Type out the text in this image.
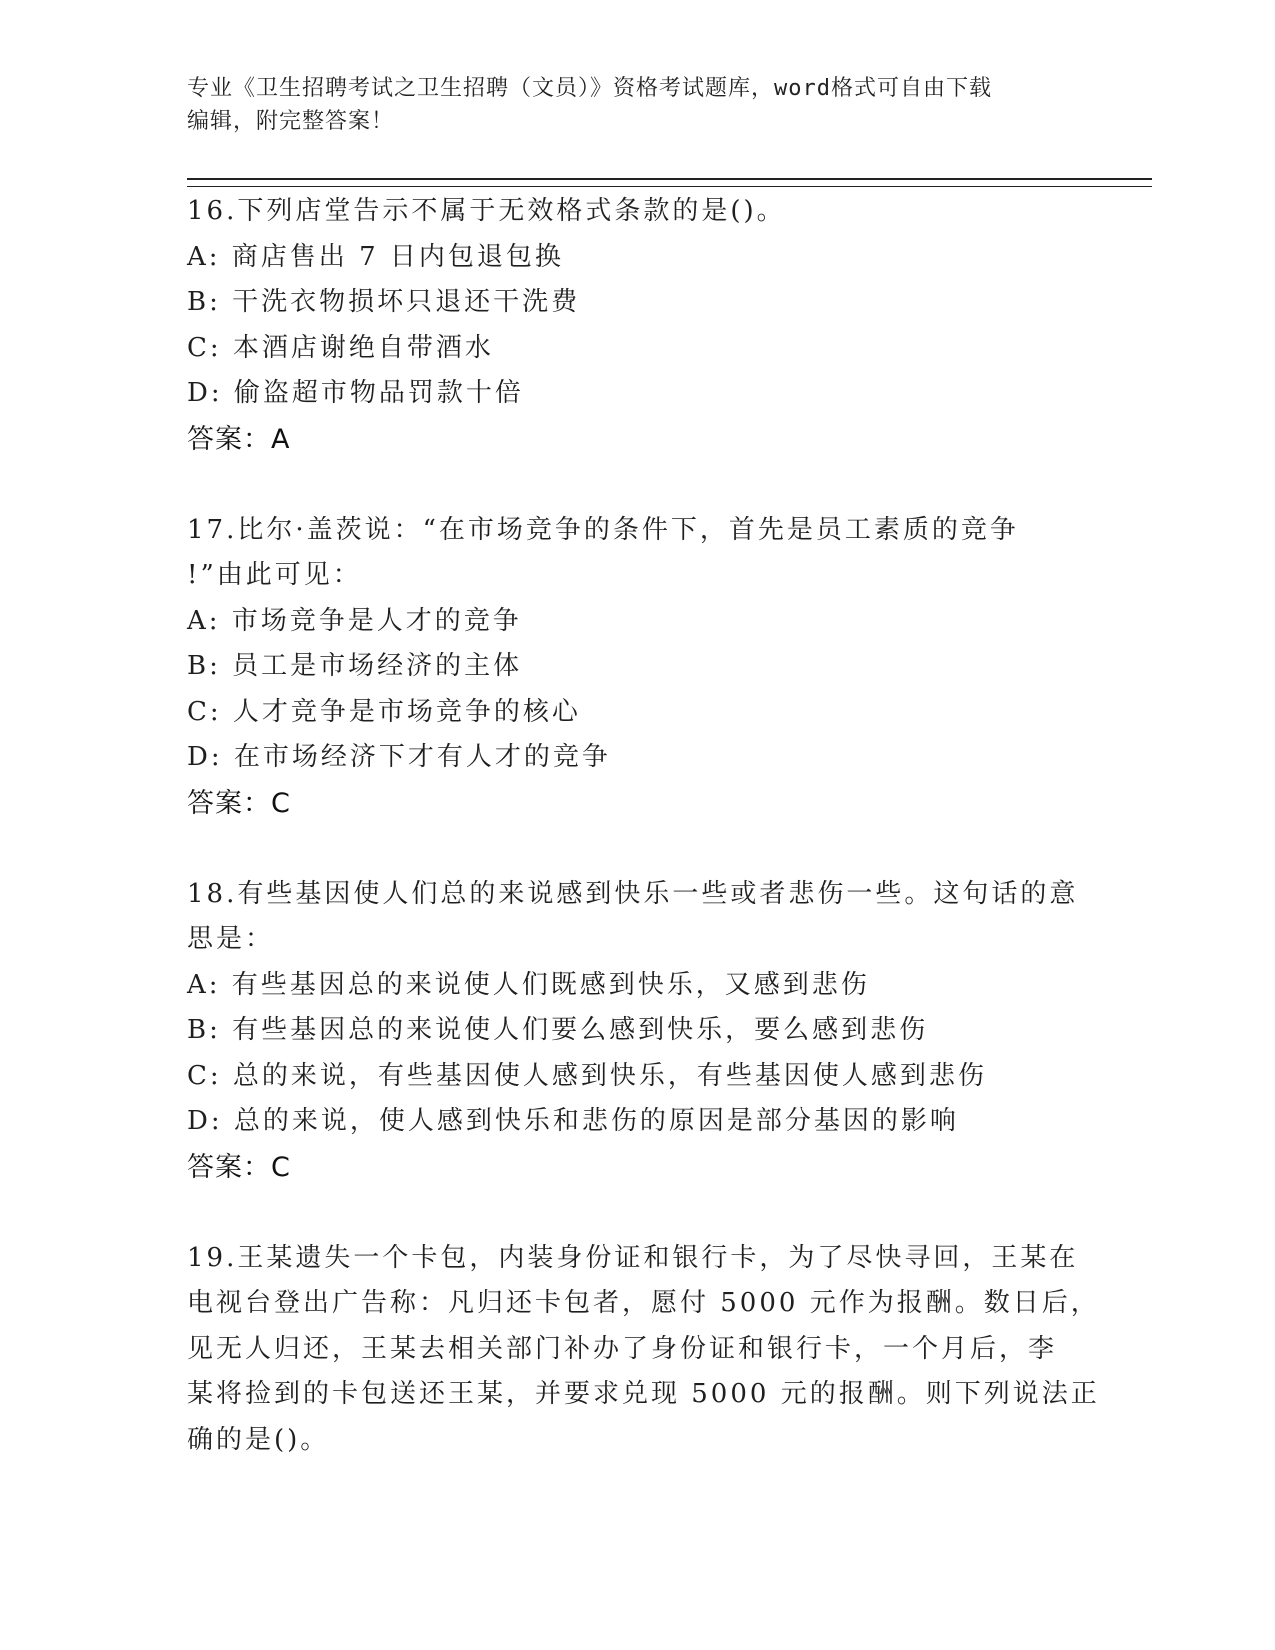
专业《卫生招聘考试之卫生招聘（文员）》资格考试题库，word格式可自由下载
编辑，附完整答案！
16.下列店堂告示不属于无效格式条款的是()。
A: 商店售出 7 日内包退包换
B: 干洗衣物损坏只退还干洗费
C: 本酒店谢绝自带酒水
D: 偷盗超市物品罚款十倍
答案：A
17.比尔·盖茨说：“在市场竞争的条件下，首先是员工素质的竞争
!”由此可见：
A: 市场竞争是人才的竞争
B: 员工是市场经济的主体
C: 人才竞争是市场竞争的核心
D: 在市场经济下才有人才的竞争
答案：C
18.有些基因使人们总的来说感到快乐一些或者悲伤一些。这句话的意
思是：
A: 有些基因总的来说使人们既感到快乐，又感到悲伤
B: 有些基因总的来说使人们要么感到快乐，要么感到悲伤
C: 总的来说，有些基因使人感到快乐，有些基因使人感到悲伤
D: 总的来说，使人感到快乐和悲伤的原因是部分基因的影响
答案：C
19.王某遗失一个卡包，内装身份证和银行卡，为了尽快寻回，王某在
电视台登出广告称：凡归还卡包者，愿付 5000 元作为报酬。数日后，
见无人归还，王某去相关部门补办了身份证和银行卡，一个月后，李
某将捡到的卡包送还王某，并要求兑现 5000 元的报酬。则下列说法正
确的是()。
